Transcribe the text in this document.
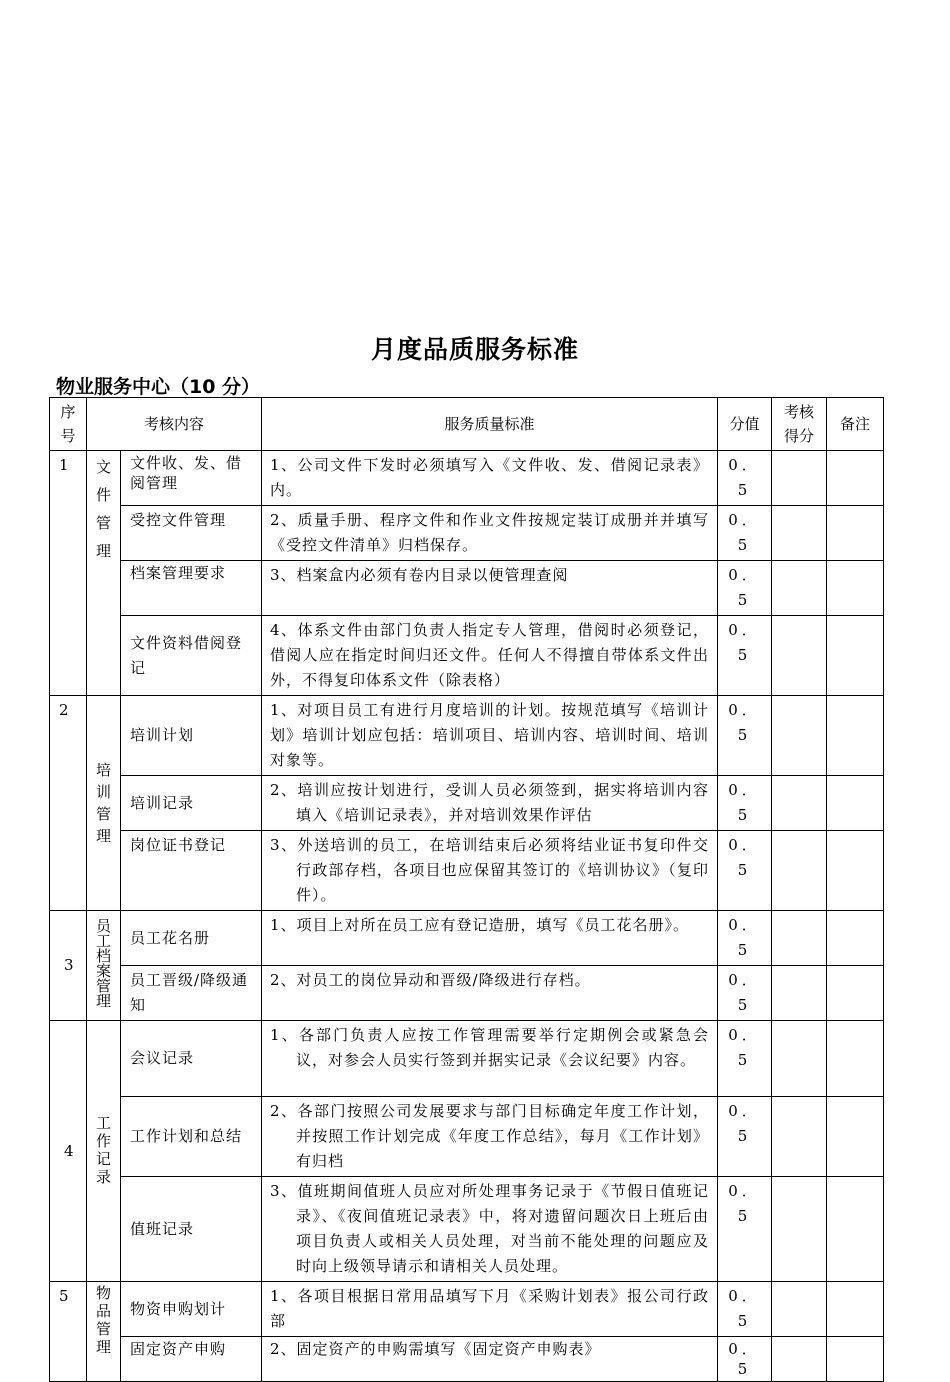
月度品质服务标准
物业服务中心（10 分）
序号	考核内容		服务质量标准	分值	考核得分	备注
1	文件管理	文件收、发、借阅管理	1、公司文件下发时必须填写入《文件收、发、借阅记录表》内。	0．5		
		受控文件管理	2、质量手册、程序文件和作业文件按规定装订成册并并填写《受控文件清单》归档保存。	0．5		
		档案管理要求	3、档案盒内必须有卷内目录以便管理查阅	0．5		
		文件资料借阅登记	4、体系文件由部门负责人指定专人管理，借阅时必须登记，借阅人应在指定时间归还文件。任何人不得擅自带体系文件出外，不得复印体系文件（除表格）	0．5		
2	培训管理	培训计划	1、对项目员工有进行月度培训的计划。按规范填写《培训计划》培训计划应包括：培训项目、培训内容、培训时间、培训对象等。	0．5		
		培训记录	2、培训应按计划进行，受训人员必须签到，据实将培训内容填入《培训记录表》，并对培训效果作评估	0．5		
		岗位证书登记	3、外送培训的员工，在培训结束后必须将结业证书复印件交行政部存档，各项目也应保留其签订的《培训协议》（复印件）。	0．5		
3	员工档案管理	员工花名册	1、项目上对所在员工应有登记造册，填写《员工花名册》。	0．5		
		员工晋级/降级通知	2、对员工的岗位异动和晋级/降级进行存档。	0．5		
4	工作记录	会议记录	1、各部门负责人应按工作管理需要举行定期例会或紧急会议，对参会人员实行签到并据实记录《会议纪要》内容。	0．5		
		工作计划和总结	2、各部门按照公司发展要求与部门目标确定年度工作计划，并按照工作计划完成《年度工作总结》，每月《工作计划》有归档	0．5		
		值班记录	3、值班期间值班人员应对所处理事务记录于《节假日值班记录》、《夜间值班记录表》中，将对遗留问题次日上班后由项目负责人或相关人员处理，对当前不能处理的问题应及时向上级领导请示和请相关人员处理。	0．5		
5	物品管理	物资申购划计	1、各项目根据日常用品填写下月《采购计划表》报公司行政部	0．5		
		固定资产申购	2、固定资产的申购需填写《固定资产申购表》	0．5		
